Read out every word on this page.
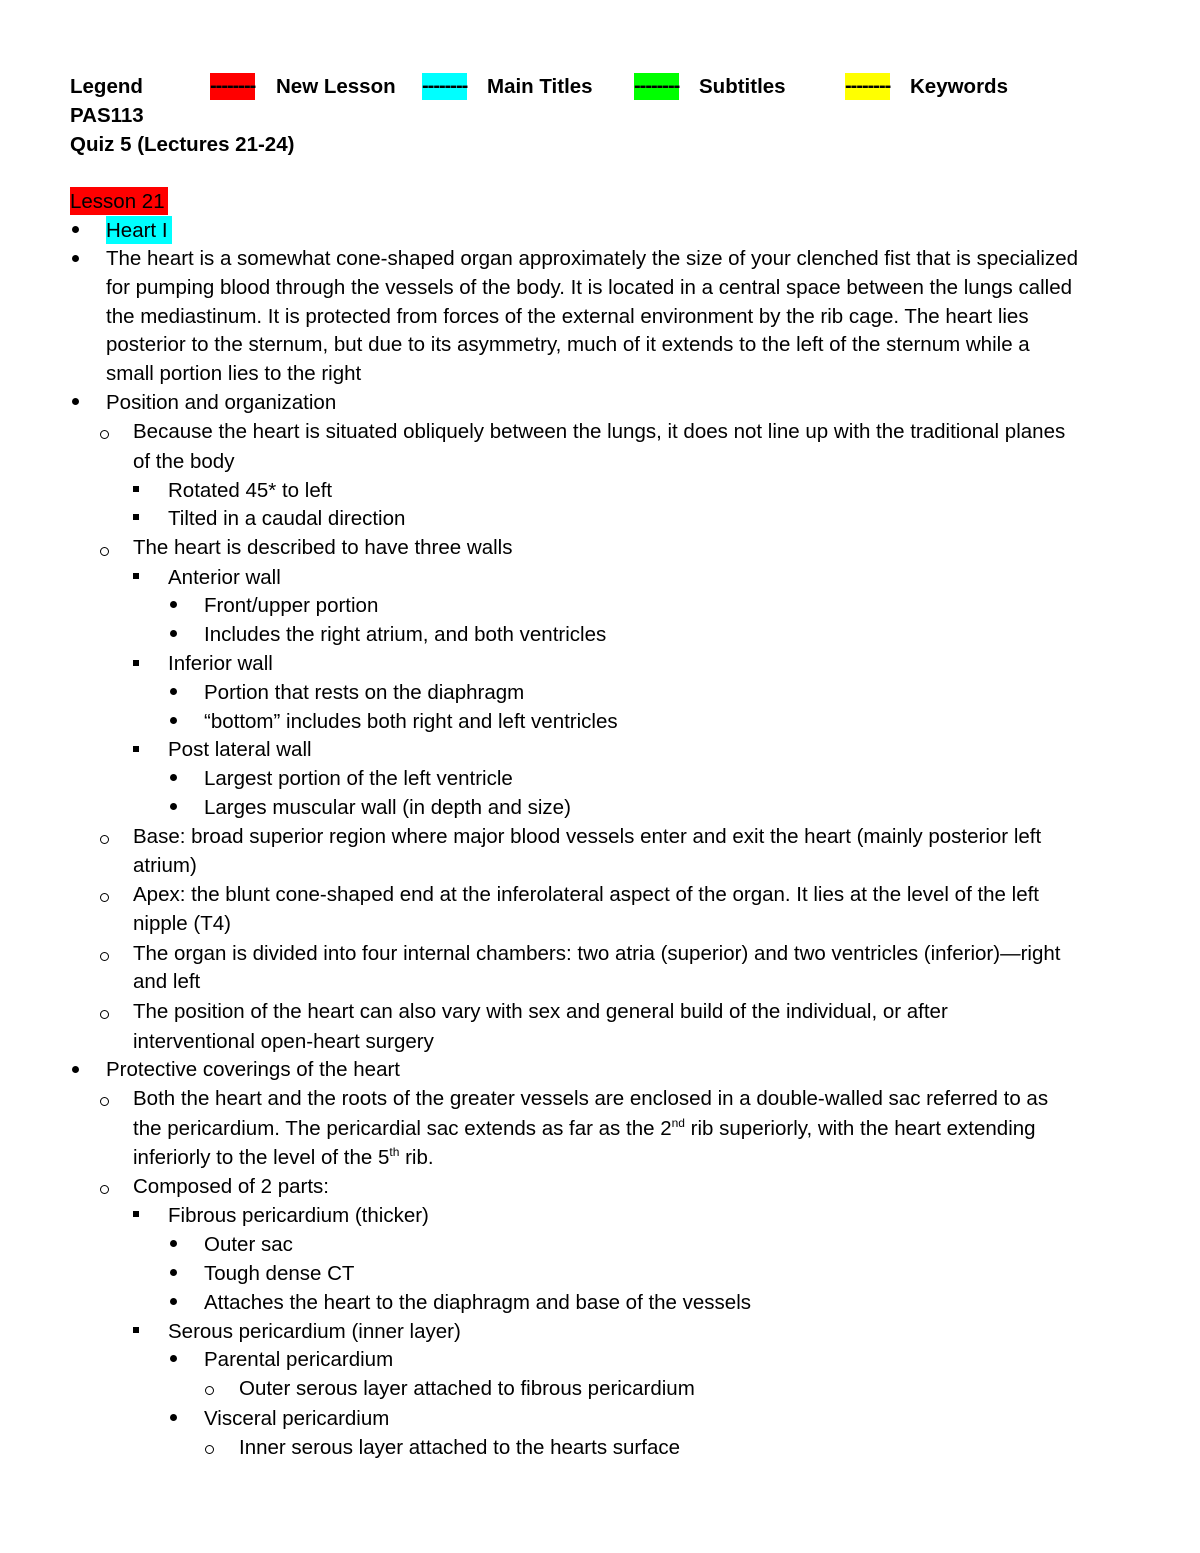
Legend	-------- New Lesson -------- Main Titles -------- Subtitles	-------- Keywords
PAS113
Quiz 5 (Lectures 21-24)
Lesson 21
Heart I
The heart is a somewhat cone-shaped organ approximately the size of your clenched fist that is specialized
for pumping blood through the vessels of the body. It is located in a central space between the lungs called
the mediastinum. It is protected from forces of the external environment by the rib cage. The heart lies
posterior to the sternum, but due to its asymmetry, much of it extends to the left of the sternum while a
small portion lies to the right
Position and organization
Because the heart is situated obliquely between the lungs, it does not line up with the traditional planes
of the body
Rotated 45* to left
Tilted in a caudal direction
The heart is described to have three walls
Anterior wall
Front/upper portion
Includes the right atrium, and both ventricles
Inferior wall
Portion that rests on the diaphragm
“bottom” includes both right and left ventricles
Post lateral wall
Largest portion of the left ventricle
Larges muscular wall (in depth and size)
Base: broad superior region where major blood vessels enter and exit the heart (mainly posterior left
atrium)
Apex: the blunt cone-shaped end at the inferolateral aspect of the organ. It lies at the level of the left
nipple (T4)
The organ is divided into four internal chambers: two atria (superior) and two ventricles (inferior)—right
and left
The position of the heart can also vary with sex and general build of the individual, or after
interventional open-heart surgery
Protective coverings of the heart
Both the heart and the roots of the greater vessels are enclosed in a double-walled sac referred to as
the pericardium. The pericardial sac extends as far as the 2nd rib superiorly, with the heart extending
inferiorly to the level of the 5th rib.
Composed of 2 parts:
Fibrous pericardium (thicker)
Outer sac
Tough dense CT
Attaches the heart to the diaphragm and base of the vessels
Serous pericardium (inner layer)
Parental pericardium
Outer serous layer attached to fibrous pericardium
Visceral pericardium
Inner serous layer attached to the hearts surface
